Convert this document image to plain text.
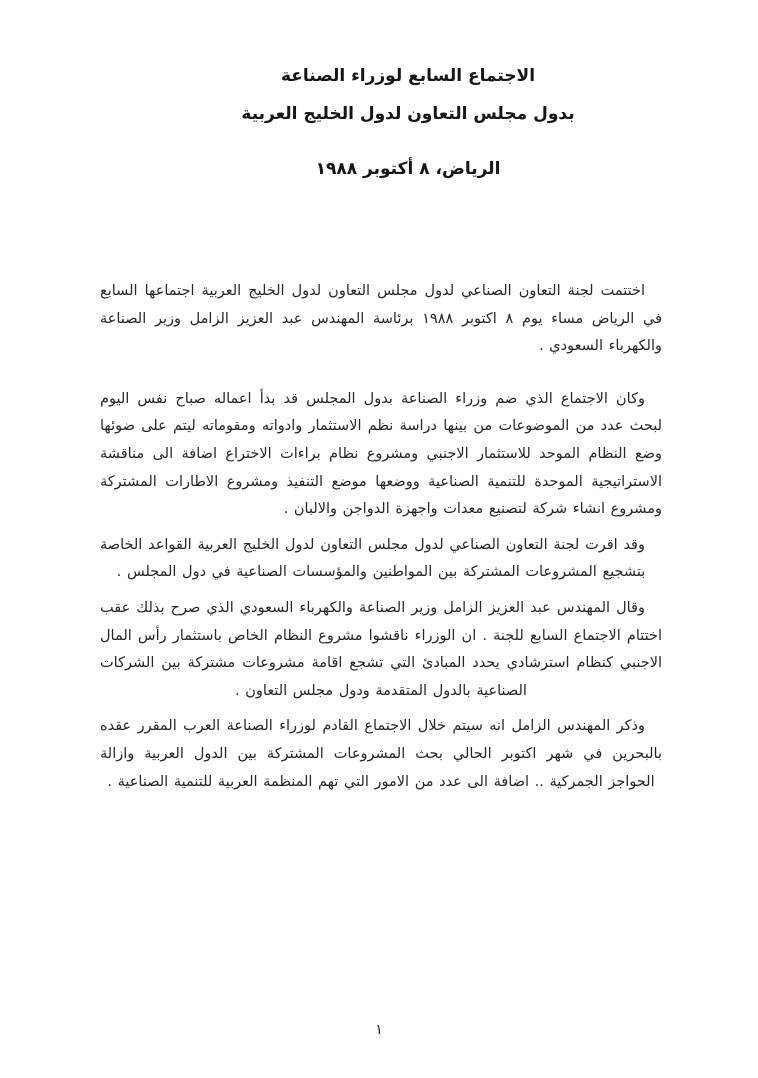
الاجتماع السابع لوزراء الصناعة
بدول مجلس التعاون لدول الخليج العربية
الرياض، ٨ أكتوبر ١٩٨٨

اختتمت لجنة التعاون الصناعي لدول مجلس التعاون لدول الخليج العربية اجتماعها السابع في الرياض مساء يوم ٨ اكتوبر ١٩٨٨ برئاسة المهندس عبد العزيز الزامل وزير الصناعة والكهرباء السعودي .

وكان الاجتماع الذي ضم وزراء الصناعة بدول المجلس قد بدأ اعماله صباح نفس اليوم لبحث عدد من الموضوعات من بينها دراسة نظم الاستثمار وادواته ومقوماته ليتم على ضوئها وضع النظام الموحد للاستثمار الاجنبي ومشروع نظام براءات الاختراع اضافة الى مناقشة الاستراتيجية الموحدة للتنمية الصناعية ووضعها موضع التنفيذ ومشروع الاطارات المشتركة ومشروع انشاء شركة لتصنيع معدات واجهزة الدواجن والالبان .

وقد اقرت لجنة التعاون الصناعي لدول مجلس التعاون لدول الخليج العربية القواعد الخاصة بتشجيع المشروعات المشتركة بين المواطنين والمؤسسات الصناعية في دول المجلس .

وقال المهندس عبد العزيز الزامل وزير الصناعة والكهرباء السعودي الذي صرح بذلك عقب اختتام الاجتماع السابع للجنة . ان الوزراء ناقشوا مشروع النظام الخاص باستثمار رأس المال الاجنبي كنظام استرشادي يحدد المبادئ التي تشجع اقامة مشروعات مشتركة بين الشركات الصناعية بالدول المتقدمة ودول مجلس التعاون .

وذكر المهندس الزامل انه سيتم خلال الاجتماع القادم لوزراء الصناعة العرب المقرر عقده بالبحرين في شهر اكتوبر الحالي بحث المشروعات المشتركة بين الدول العربية وازالة الحواجز الجمركية .. اضافة الى عدد من الامور التي تهم المنظمة العربية للتنمية الصناعية .

١
